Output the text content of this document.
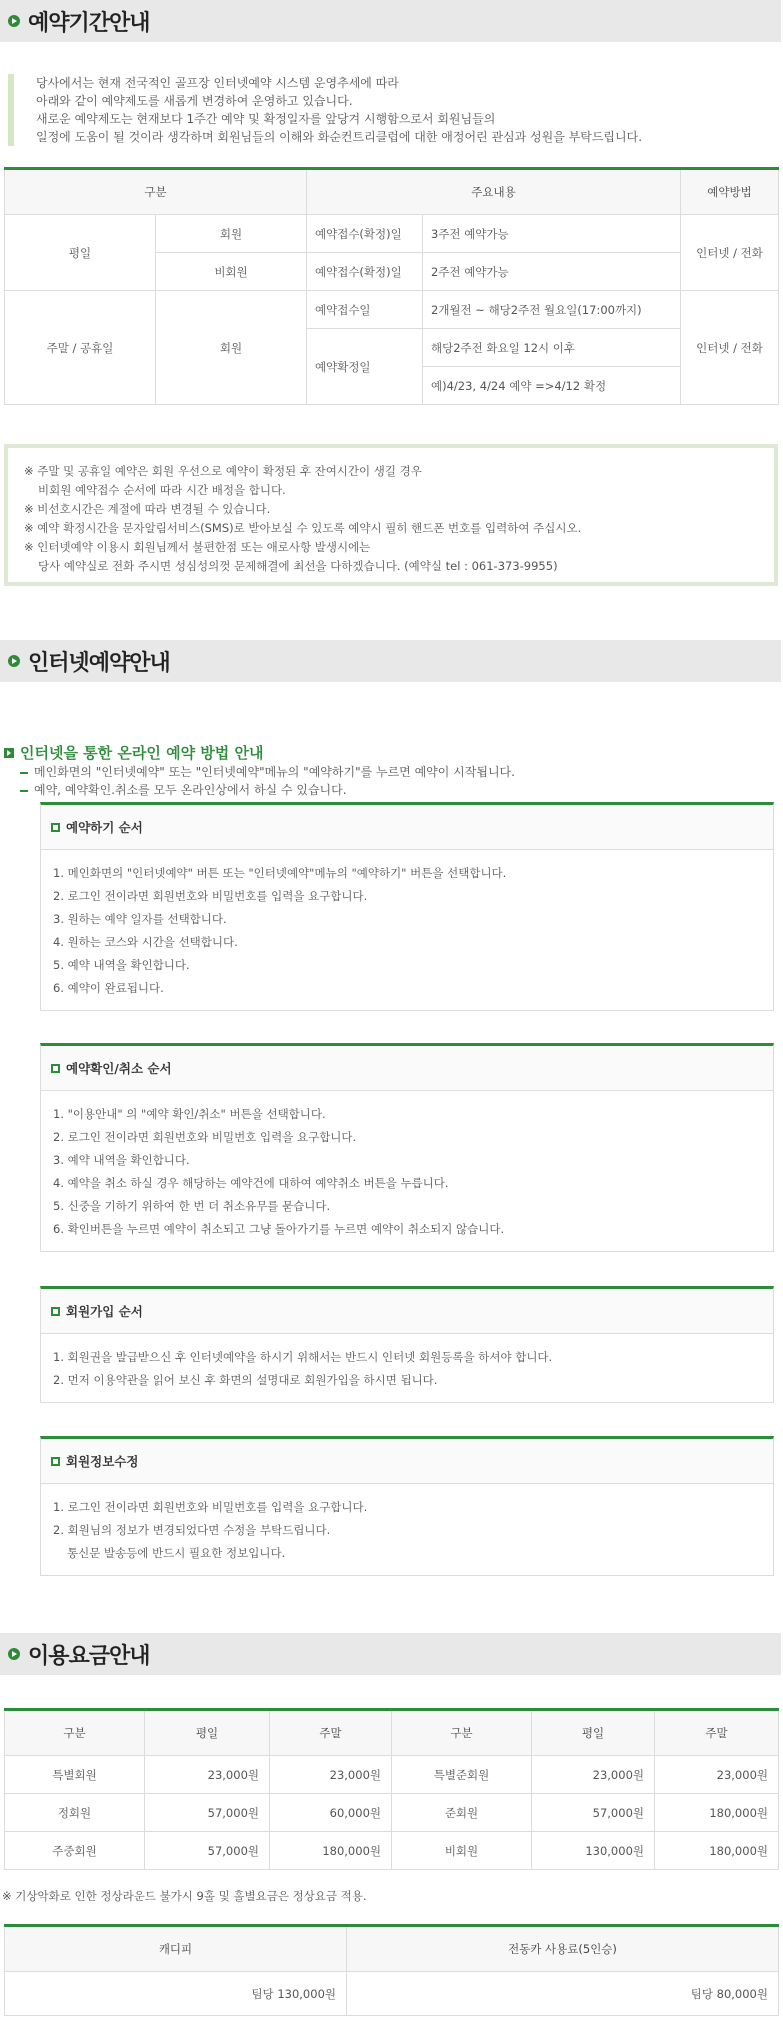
예약기간안내
당사에서는 현재 전국적인 골프장 인터넷예약 시스템 운영추세에 따라
아래와 같이 예약제도를 새롭게 변경하여 운영하고 있습니다.
새로운 예약제도는 현재보다 1주간 예약 및 확정일자를 앞당겨 시행함으로서 회원님들의
일정에 도움이 될 것이라 생각하며 회원님들의 이해와 화순컨트리클럽에 대한 애정어린 관심과 성원을 부탁드립니다.
구분		주요내용		예약방법
평일	회원	예약접수(확정)일	3주전 예약가능	인터넷 / 전화
	비회원	예약접수(확정)일	2주전 예약가능	
주말 / 공휴일	회원	예약접수일	2개월전 ~ 해당2주전 월요일(17:00까지)	인터넷 / 전화
		예약확정일	해당2주전 화요일 12시 이후	
			예)4/23, 4/24 예약 =>4/12 확정	
※ 주말 및 공휴일 예약은 회원 우선으로 예약이 확정된 후 잔여시간이 생길 경우
비회원 예약접수 순서에 따라 시간 배정을 합니다.
※ 비선호시간은 계절에 따라 변경될 수 있습니다.
※ 예약 확정시간을 문자알림서비스(SMS)로 받아보실 수 있도록 예약시 필히 핸드폰 번호를 입력하여 주십시오.
※ 인터넷예약 이용시 회원님께서 불편한점 또는 애로사항 발생시에는
당사 예약실로 전화 주시면 성심성의껏 문제해결에 최선을 다하겠습니다. (예약실 tel : 061-373-9955)
인터넷예약안내
인터넷을 통한 온라인 예약 방법 안내
메인화면의 "인터넷예약" 또는 "인터넷예약"메뉴의 "예약하기"를 누르면 예약이 시작됩니다.
예약, 예약확인.취소를 모두 온라인상에서 하실 수 있습니다.
예약하기 순서
1. 메인화면의 "인터넷예약" 버튼 또는 "인터넷예약"메뉴의 "예약하기" 버튼을 선택합니다.
2. 로그인 전이라면 회원번호와 비밀번호를 입력을 요구합니다.
3. 원하는 예약 일자를 선택합니다.
4. 원하는 코스와 시간을 선택합니다.
5. 예약 내역을 확인합니다.
6. 예약이 완료됩니다.
예약확인/취소 순서
1. "이용안내" 의 "예약 확인/취소" 버튼을 선택합니다.
2. 로그인 전이라면 회원번호와 비밀번호 입력을 요구합니다.
3. 예약 내역을 확인합니다.
4. 예약을 취소 하실 경우 해당하는 예약건에 대하여 예약취소 버튼을 누릅니다.
5. 신중을 기하기 위하여 한 번 더 취소유무를 묻습니다.
6. 확인버튼을 누르면 예약이 취소되고 그냥 돌아가기를 누르면 예약이 취소되지 않습니다.
회원가입 순서
1. 회원권을 발급받으신 후 인터넷예약을 하시기 위해서는 반드시 인터넷 회원등록을 하셔야 합니다.
2. 먼저 이용약관을 읽어 보신 후 화면의 설명대로 회원가입을 하시면 됩니다.
회원정보수정
1. 로그인 전이라면 회원번호와 비밀번호를 입력을 요구합니다.
2. 회원님의 정보가 변경되었다면 수정을 부탁드립니다.
통신문 발송등에 반드시 필요한 정보입니다.
이용요금안내
구분	평일	주말	구분	평일	주말
특별회원	23,000원	23,000원	특별준회원	23,000원	23,000원
정회원	57,000원	60,000원	준회원	57,000원	180,000원
주중회원	57,000원	180,000원	비회원	130,000원	180,000원
※ 기상악화로 인한 정상라운드 불가시 9홀 및 홀별요금은 정상요금 적용.
캐디피	전동카 사용료(5인승)
팀당 130,000원	팀당 80,000원
